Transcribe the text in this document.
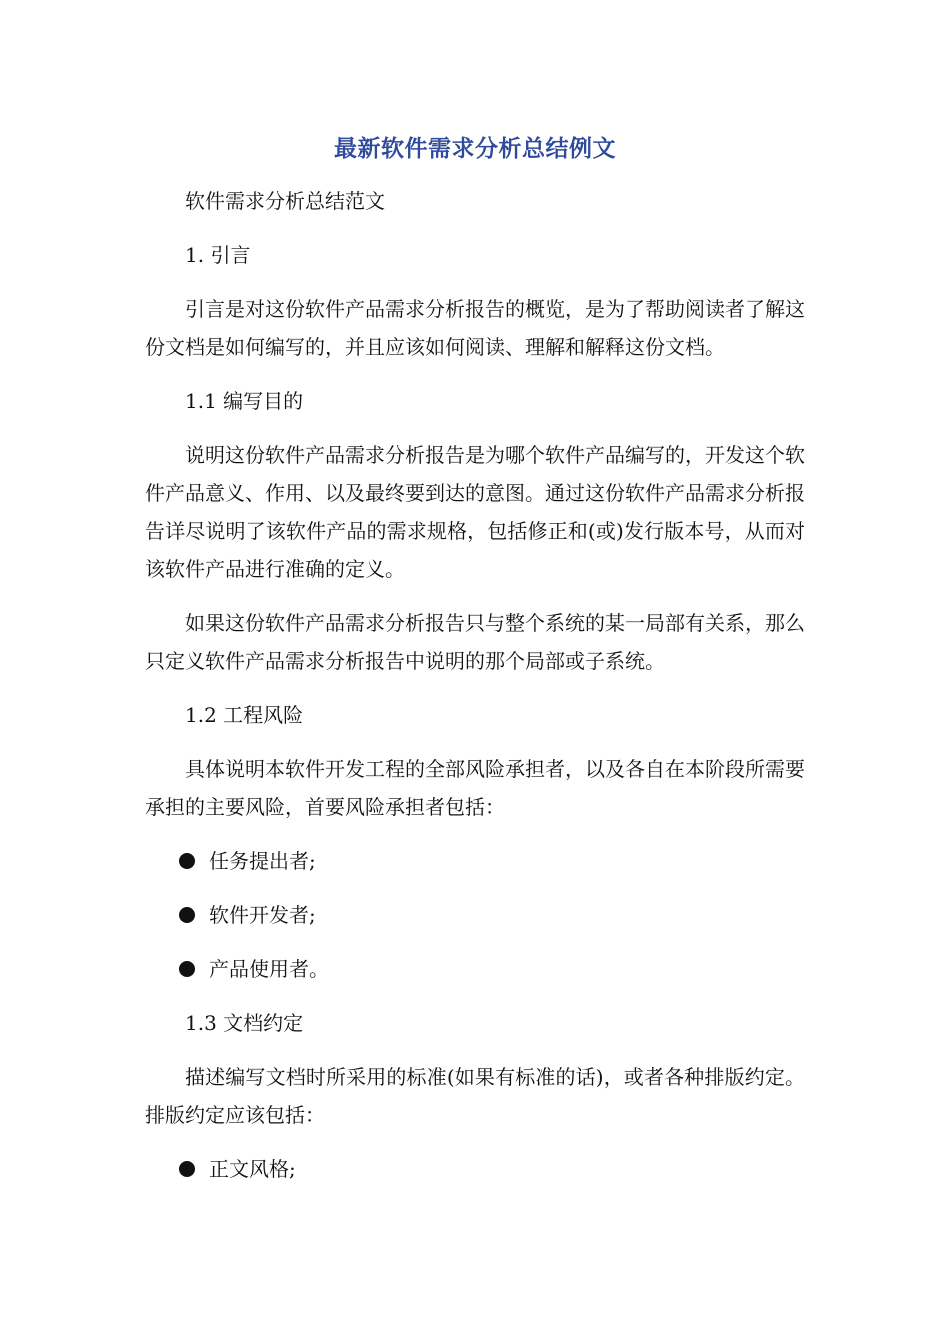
最新软件需求分析总结例文
软件需求分析总结范文
1. 引言
引言是对这份软件产品需求分析报告的概览，是为了帮助阅读者了解这份文档是如何编写的，并且应该如何阅读、理解和解释这份文档。
1.1 编写目的
说明这份软件产品需求分析报告是为哪个软件产品编写的，开发这个软件产品意义、作用、以及最终要到达的意图。通过这份软件产品需求分析报告详尽说明了该软件产品的需求规格，包括修正和(或)发行版本号，从而对该软件产品进行准确的定义。
如果这份软件产品需求分析报告只与整个系统的某一局部有关系，那么只定义软件产品需求分析报告中说明的那个局部或子系统。
1.2 工程风险
具体说明本软件开发工程的全部风险承担者，以及各自在本阶段所需要承担的主要风险，首要风险承担者包括：
任务提出者;
软件开发者;
产品使用者。
1.3 文档约定
描述编写文档时所采用的标准(如果有标准的话)，或者各种排版约定。排版约定应该包括：
正文风格;
